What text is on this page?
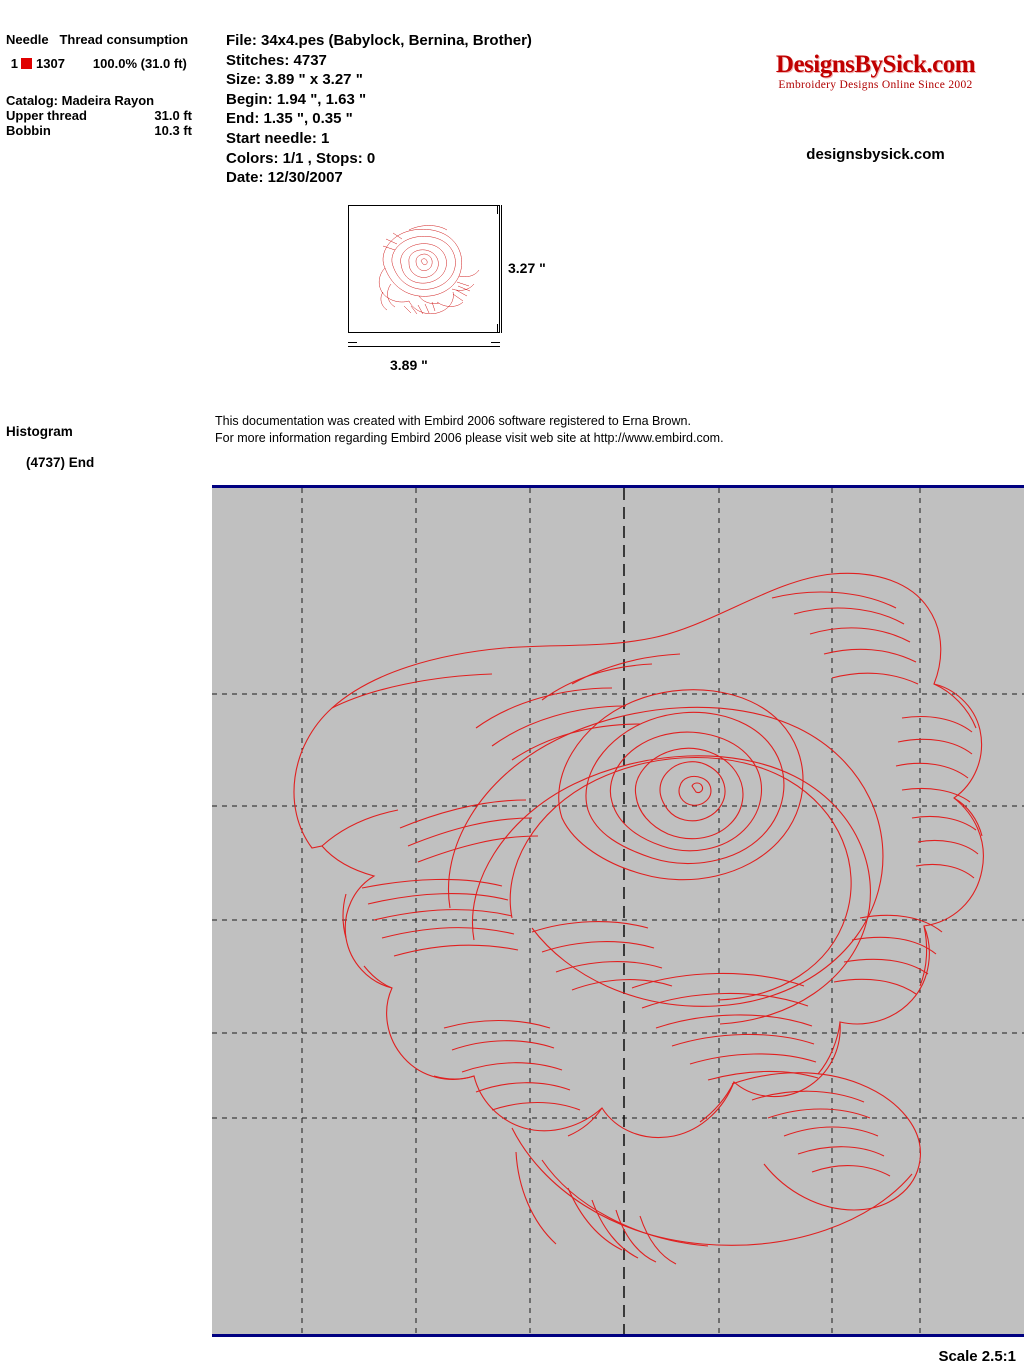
Needle Thread consumption
1 1307 100.0% (31.0 ft)
Catalog: Madeira Rayon
Upper thread	31.0 ft
Bobbin	10.3 ft
File: 34x4.pes (Babylock, Bernina, Brother)
Stitches: 4737
Size: 3.89 " x 3.27 "
Begin: 1.94 ", 1.63 "
End: 1.35 ", 0.35 "
Start needle: 1
Colors: 1/1 , Stops: 0
Date: 12/30/2007
DesignsBySick.com
Embroidery Designs Online Since 2002
designsbysick.com
3.27 "
3.89 "
Histogram
(4737) End
This documentation was created with Embird 2006 software registered to Erna Brown.
For more information regarding Embird 2006 please visit web site at http://www.embird.com.
Scale 2.5:1
